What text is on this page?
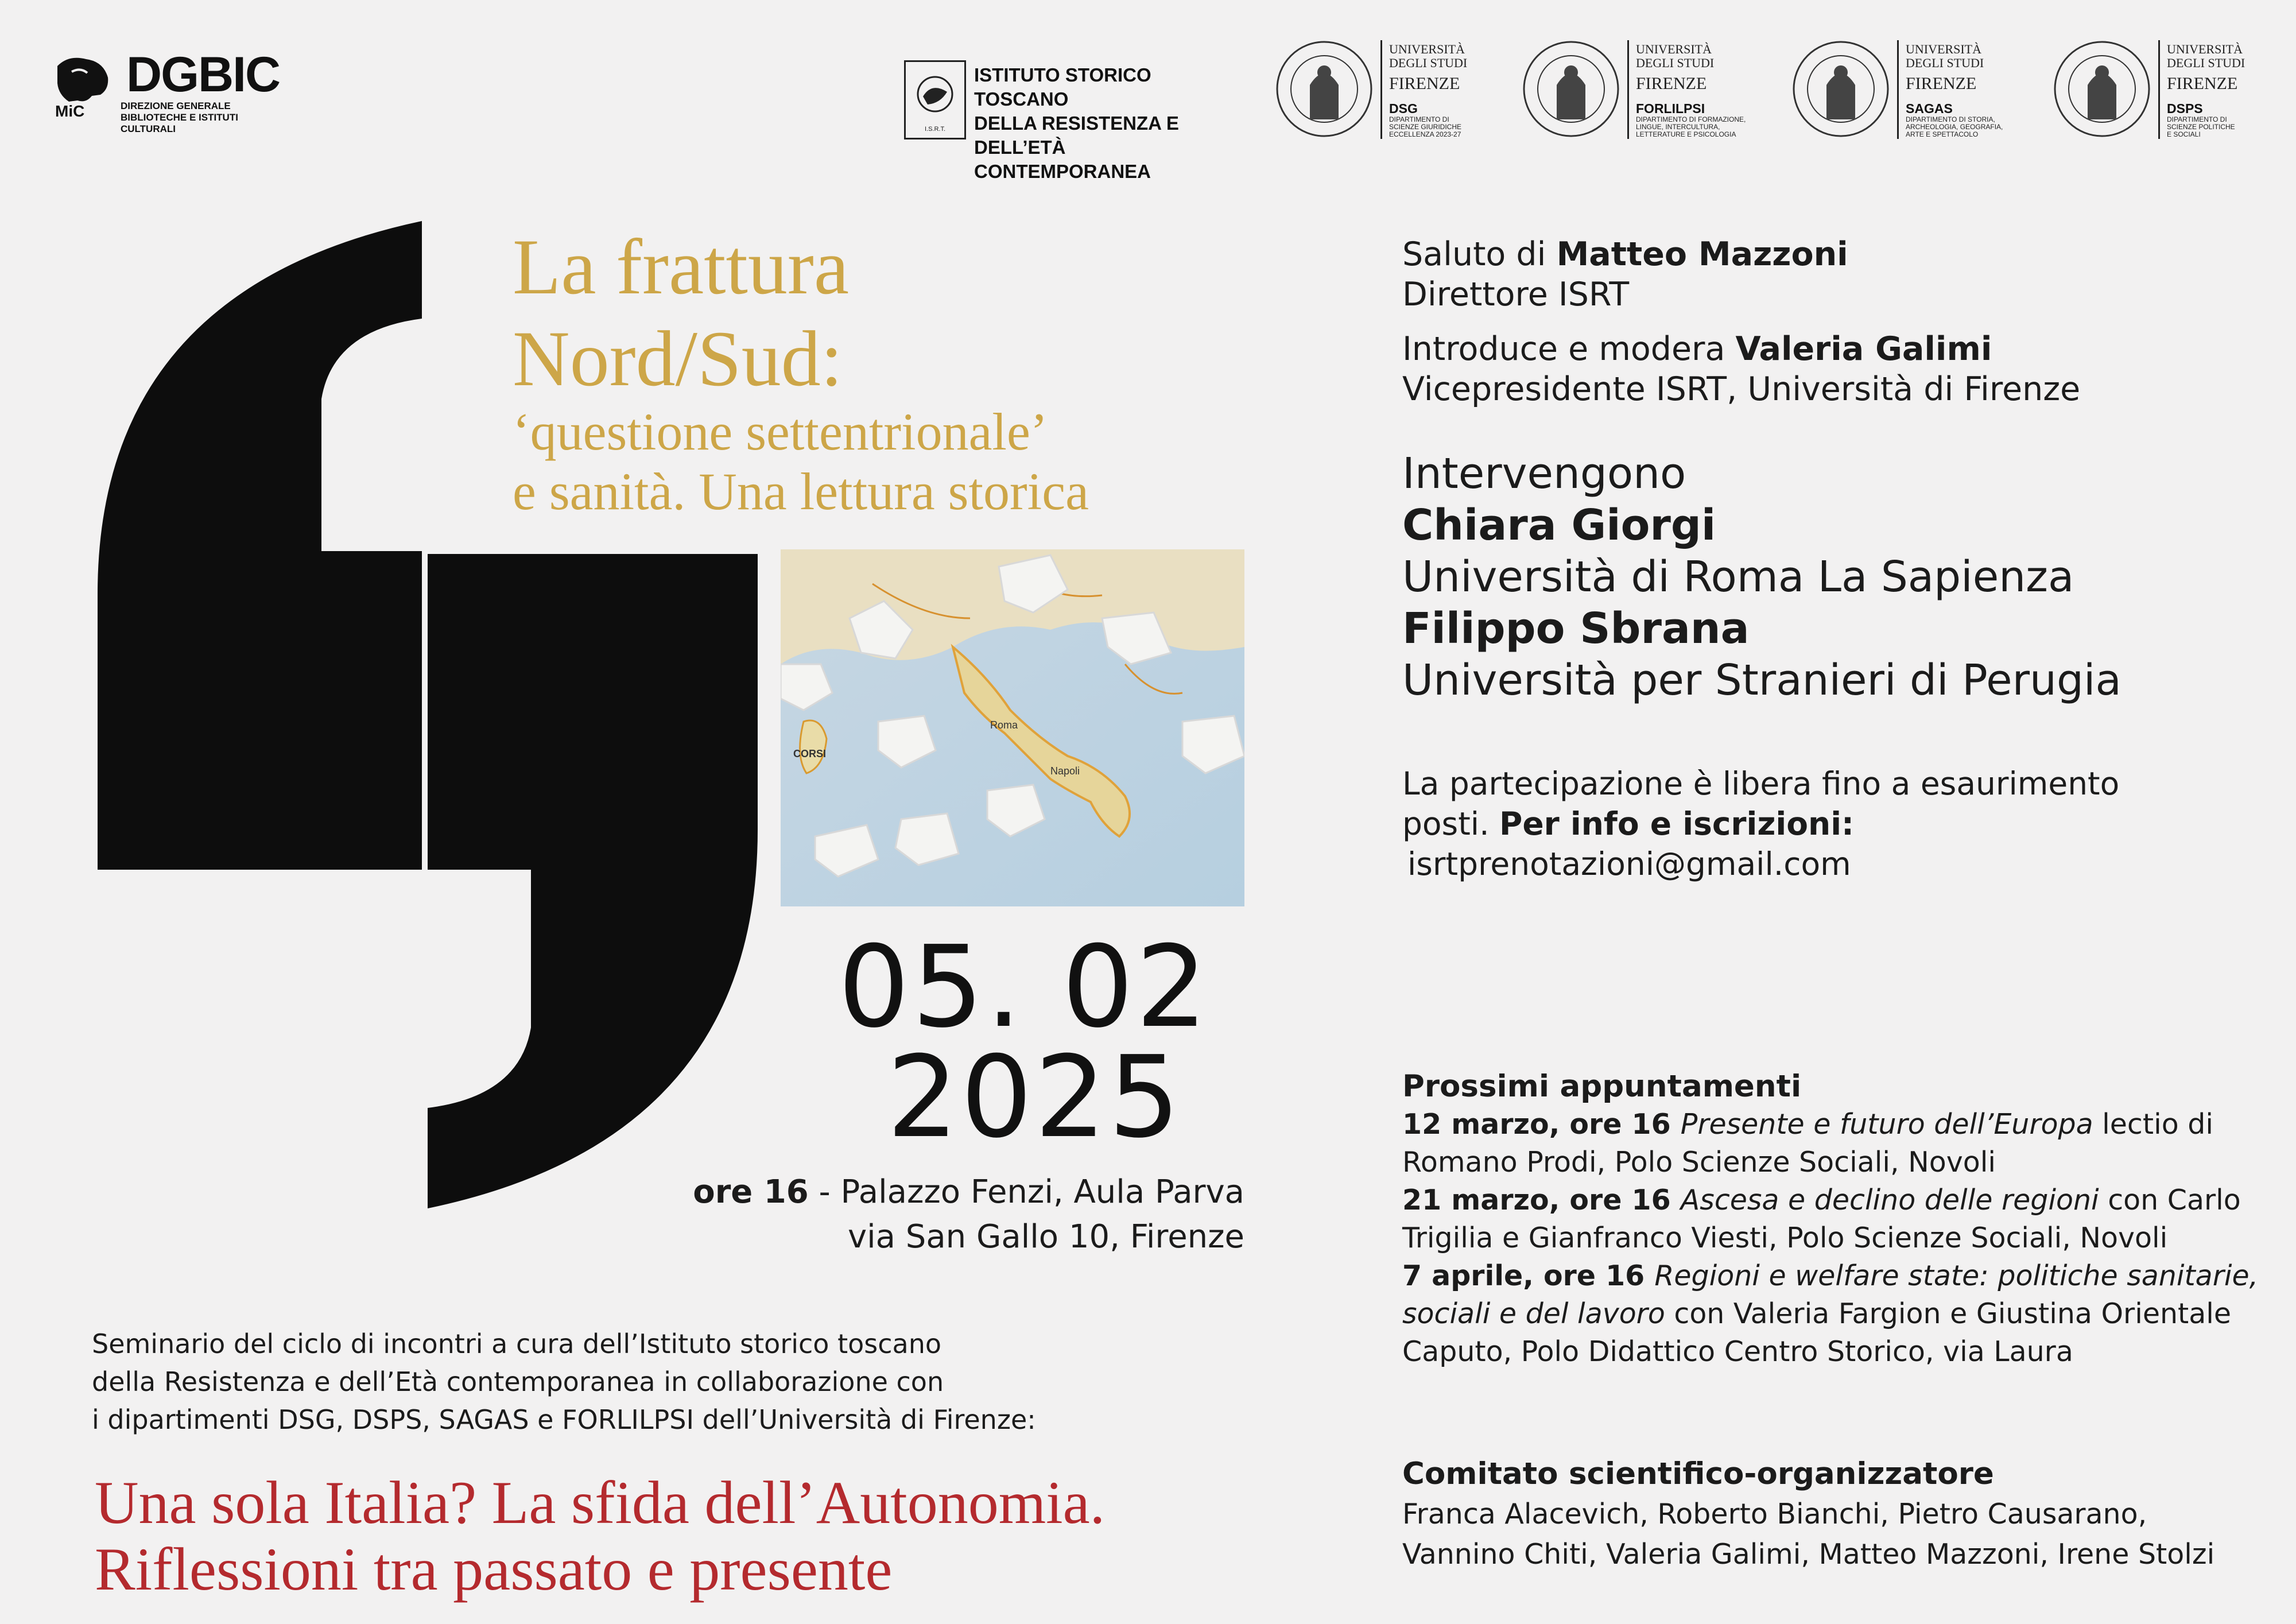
MiC
DGBIC
DIREZIONE GENERALE
BIBLIOTECHE E ISTITUTI CULTURALI	I.S.R.T.
ISTITUTO STORICO TOSCANO
DELLA RESISTENZA E
DELL’ETÀ CONTEMPORANEA
UNIVERSITÀ
DEGLI STUDI
FIRENZE
DSG
DIPARTIMENTO DI
SCIENZE GIURIDICHE
ECCELLENZA 2023-27
UNIVERSITÀ
DEGLI STUDI
FIRENZE
FORLILPSI
DIPARTIMENTO DI FORMAZIONE,
LINGUE, INTERCULTURA,
LETTERATURE E PSICOLOGIA
UNIVERSITÀ
DEGLI STUDI
FIRENZE
SAGAS
DIPARTIMENTO DI STORIA,
ARCHEOLOGIA, GEOGRAFIA,
ARTE E SPETTACOLO
UNIVERSITÀ
DEGLI STUDI
FIRENZE
DSPS
DIPARTIMENTO DI
SCIENZE POLITICHE
E SOCIALI
La frattura
Nord/Sud:
‘questione settentrionale’
e sanità. Una lettura storica
CORSI
Roma
Napoli
05. 02
2025
ore 16 - Palazzo Fenzi, Aula Parva
via San Gallo 10, Firenze
Seminario del ciclo di incontri a cura dell’Istituto storico toscano
della Resistenza e dell’Età contemporanea in collaborazione con
i dipartimenti DSG, DSPS, SAGAS e FORLILPSI dell’Università di Firenze:
Una sola Italia? La sfida dell’Autonomia.
Riflessioni tra passato e presente
Saluto di Matteo Mazzoni
Direttore ISRT
Introduce e modera Valeria Galimi
Vicepresidente ISRT, Università di Firenze
Intervengono
Chiara Giorgi
Università di Roma La Sapienza
Filippo Sbrana
Università per Stranieri di Perugia
La partecipazione è libera fino a esaurimento
posti. Per info e iscrizioni:
isrtprenotazioni@gmail.com
Prossimi appuntamenti
12 marzo, ore 16 Presente e futuro dell’Europa lectio di
Romano Prodi, Polo Scienze Sociali, Novoli
21 marzo, ore 16 Ascesa e declino delle regioni con Carlo
Trigilia e Gianfranco Viesti, Polo Scienze Sociali, Novoli
7 aprile, ore 16 Regioni e welfare state: politiche sanitarie,
sociali e del lavoro con Valeria Fargion e Giustina Orientale
Caputo, Polo Didattico Centro Storico, via Laura
Comitato scientifico-organizzatore
Franca Alacevich, Roberto Bianchi, Pietro Causarano,
Vannino Chiti, Valeria Galimi, Matteo Mazzoni, Irene Stolzi
